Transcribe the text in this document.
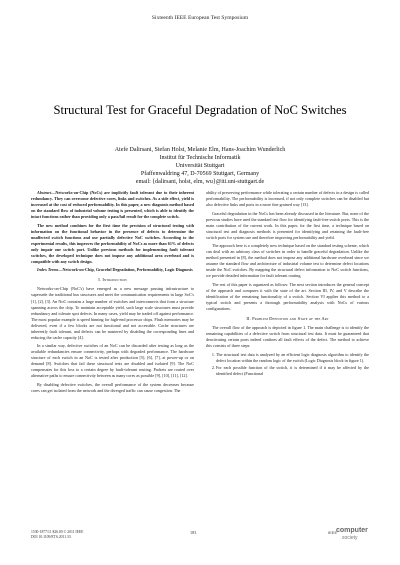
Sixteenth IEEE European Test Symposium
Structural Test for Graceful Degradation of NoC Switches
Atefe Dalirsani, Stefan Holst, Melanie Elm, Hans-Joachim Wunderlich
Institut für Technische Informatik
Universität Stuttgart
Pfaffenwaldring 47, D-70569 Stuttgart, Germany
email: {dalirsani, holst, elm, wu}@iti.uni-stuttgart.de

Abstract—Networks-on-Chip (NoCs) are implicitly fault tolerant due to their inherent redundancy. They can overcome defective cores, links and switches. As a side effect, yield is increased at the cost of reduced performability. In this paper, a new diagnosis method based on the standard flow of industrial volume testing is presented, which is able to identify the intact functions rather than providing only a pass/fail result for the complete switch.

The new method combines for the first time the precision of structural testing with information on the functional behavior in the presence of defects to determine the unaffected switch functions and use partially defective NoC switches. According to the experimental results, this improves the performability of NoCs as more than 61% of defects only impair one switch port. Unlike previous methods for implementing fault tolerant switches, the developed technique does not impose any additional area overhead and is compatible with any switch design.

Index Terms—Network-on-Chip, Graceful Degradation, Performability, Logic Diagnosis

I. Introduction

Networks-on-Chip (NoC's) have emerged as a new message passing infrastructure to supersede the traditional bus structures and meet the communication requirements in large SoC's [1], [2], [3]. An NoC contains a large number of switches and interconnects that form a structure spanning across the chip. To maintain acceptable yield, such large scale structures must provide redundancy and tolerate spot defects. In many cases, yield may be traded off against performance. The most popular example is speed binning for high-end processor chips. Flash memories may be delivered, even if a few blocks are not functional and not accessible. Cache structures are inherently fault tolerant, and defects can be mastered by disabling the corresponding lines and reducing the cache capacity [4].

In a similar way, defective switches of an NoC can be discarded after testing as long as the available redundancies ensure connectivity, perhaps with degraded performance. The hardware structure of each switch in an NoC is tested after production [5], [6], [7], at power-up or on demand [8]. Switches that fail these structural tests are disabled and isolated [9]. The NoC compensates for this loss to a certain degree by fault-tolerant routing. Packets are routed over alternative paths to ensure connectivity between as many cores as possible [9], [10], [11], [12].

By disabling defective switches, the overall performance of the system decreases because cores can get isolated from the network and the diverged traffic can cause congestion. The

ability of preserving performance while tolerating a certain number of defects in a design is called performability. The performability is increased, if not only complete switches can be disabled but also defective links and ports in a more fine grained way [13].

Graceful degradation in the NoCs has been already discussed in the literature. But, none of the previous studies have used the standard test flow for identifying fault-free switch ports. This is the main contribution of the current work. In this paper, for the first time, a technique based on structural test and diagnosis methods is presented for identifying and retaining the fault-free switch ports for system use and therefore improving performability and yield.

The approach here is a completely new technique based on the standard testing scheme, which can deal with an arbitrary class of switches in order to handle graceful degradation. Unlike the method presented in [8], the method does not impose any additional hardware overhead since we assume the standard flow and architecture of industrial volume test to determine defect locations inside the NoC switches. By mapping the structural defect information to NoC switch functions, we provide detailed information for fault tolerant routing.

The rest of this paper is organized as follows: The next section introduces the general concept of the approach and compares it with the state of the art. Section III, IV, and V describe the identification of the remaining functionality of a switch. Section VI applies this method to a typical switch and presents a thorough performability analysis with NoCs of various configurations.

II. Problem Definition and State of the Art

The overall flow of the approach is depicted in figure 1. The main challenge is to identify the remaining capabilities of a defective switch from structural test data. It must be guaranteed that deactivating certain ports indeed confines all fault effects of the defect. The method to achieve this consists of three steps:

1. The structural test data is analyzed by an efficient logic diagnosis algorithm to identify the defect location within the random logic of the switch (Logic Diagnosis block in figure 1).
2. For each possible function of the switch, it is determined if it may be affected by the identified defect (Functional
1530-1877/11 $26.00 © 2011 IEEE
DOI 10.1109/ETS.2011.33
183	IEEE
computer
society
